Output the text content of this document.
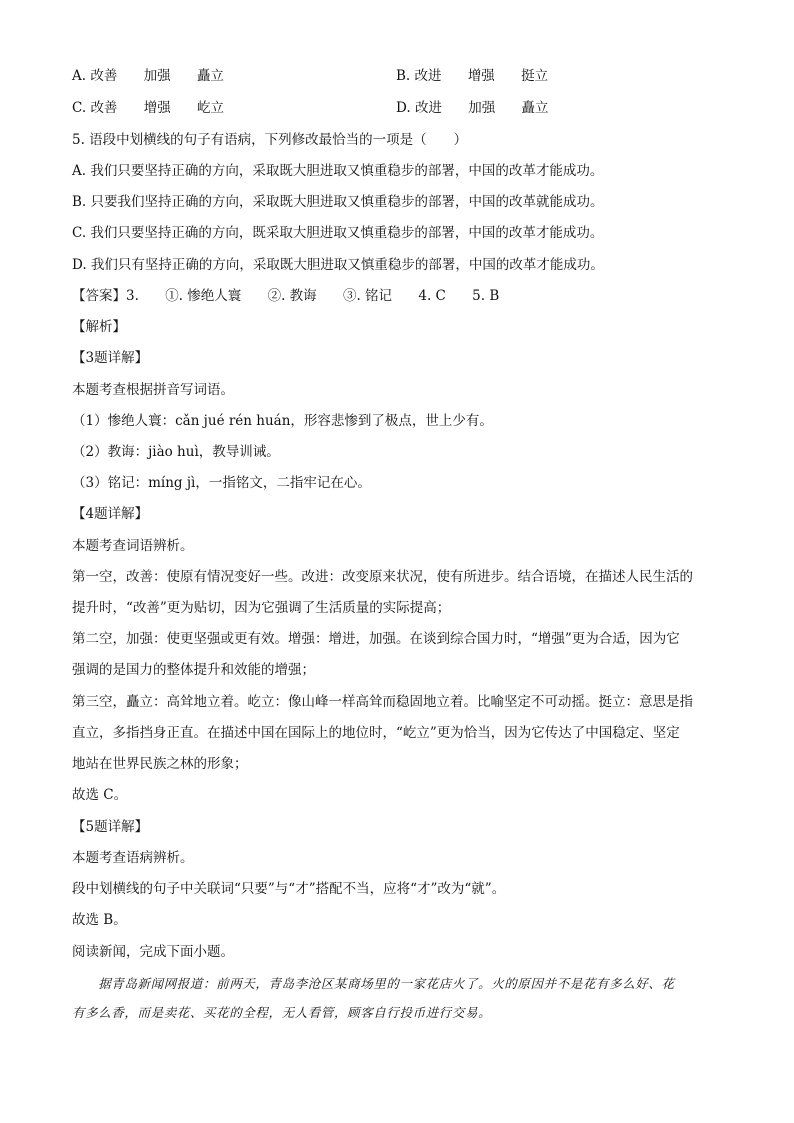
A. 改善 加强 矗立	B. 改进 增强 挺立
C. 改善 增强 屹立	D. 改进 加强 矗立
5. 语段中划横线的句子有语病，下列修改最恰当的一项是（　　）
A. 我们只要坚持正确的方向，采取既大胆进取又慎重稳步的部署，中国的改革才能成功。
B. 只要我们坚持正确的方向，采取既大胆进取又慎重稳步的部署，中国的改革就能成功。
C. 我们只要坚持正确的方向，既采取大胆进取又慎重稳步的部署，中国的改革才能成功。
D. 我们只有坚持正确的方向，采取既大胆进取又慎重稳步的部署，中国的改革才能成功。
【答案】3. ①. 惨绝人寰 ②. 教诲 ③. 铭记 4. C 5. B
【解析】
【3题详解】
本题考查根据拼音写词语。
（1）惨绝人寰：cǎn jué rén huán，形容悲惨到了极点，世上少有。
（2）教诲：jiào huì，教导训诫。
（3）铭记：míng jì，一指铭文，二指牢记在心。
【4题详解】
本题考查词语辨析。
第一空，改善：使原有情况变好一些。改进：改变原来状况，使有所进步。结合语境，在描述人民生活的
提升时，“改善”更为贴切，因为它强调了生活质量的实际提高；
第二空，加强：使更坚强或更有效。增强：增进，加强。在谈到综合国力时，“增强”更为合适，因为它
强调的是国力的整体提升和效能的增强；
第三空，矗立：高耸地立着。屹立：像山峰一样高耸而稳固地立着。比喻坚定不可动摇。挺立：意思是指
直立，多指挡身正直。在描述中国在国际上的地位时，“屹立”更为恰当，因为它传达了中国稳定、坚定
地站在世界民族之林的形象；
故选 C。
【5题详解】
本题考查语病辨析。
段中划横线的句子中关联词“只要”与“才”搭配不当，应将“才”改为“就”。
故选 B。
阅读新闻，完成下面小题。
　　据青岛新闻网报道：前两天，青岛李沧区某商场里的一家花店火了。火的原因并不是花有多么好、花
有多么香，而是卖花、买花的全程，无人看管，顾客自行投币进行交易。
